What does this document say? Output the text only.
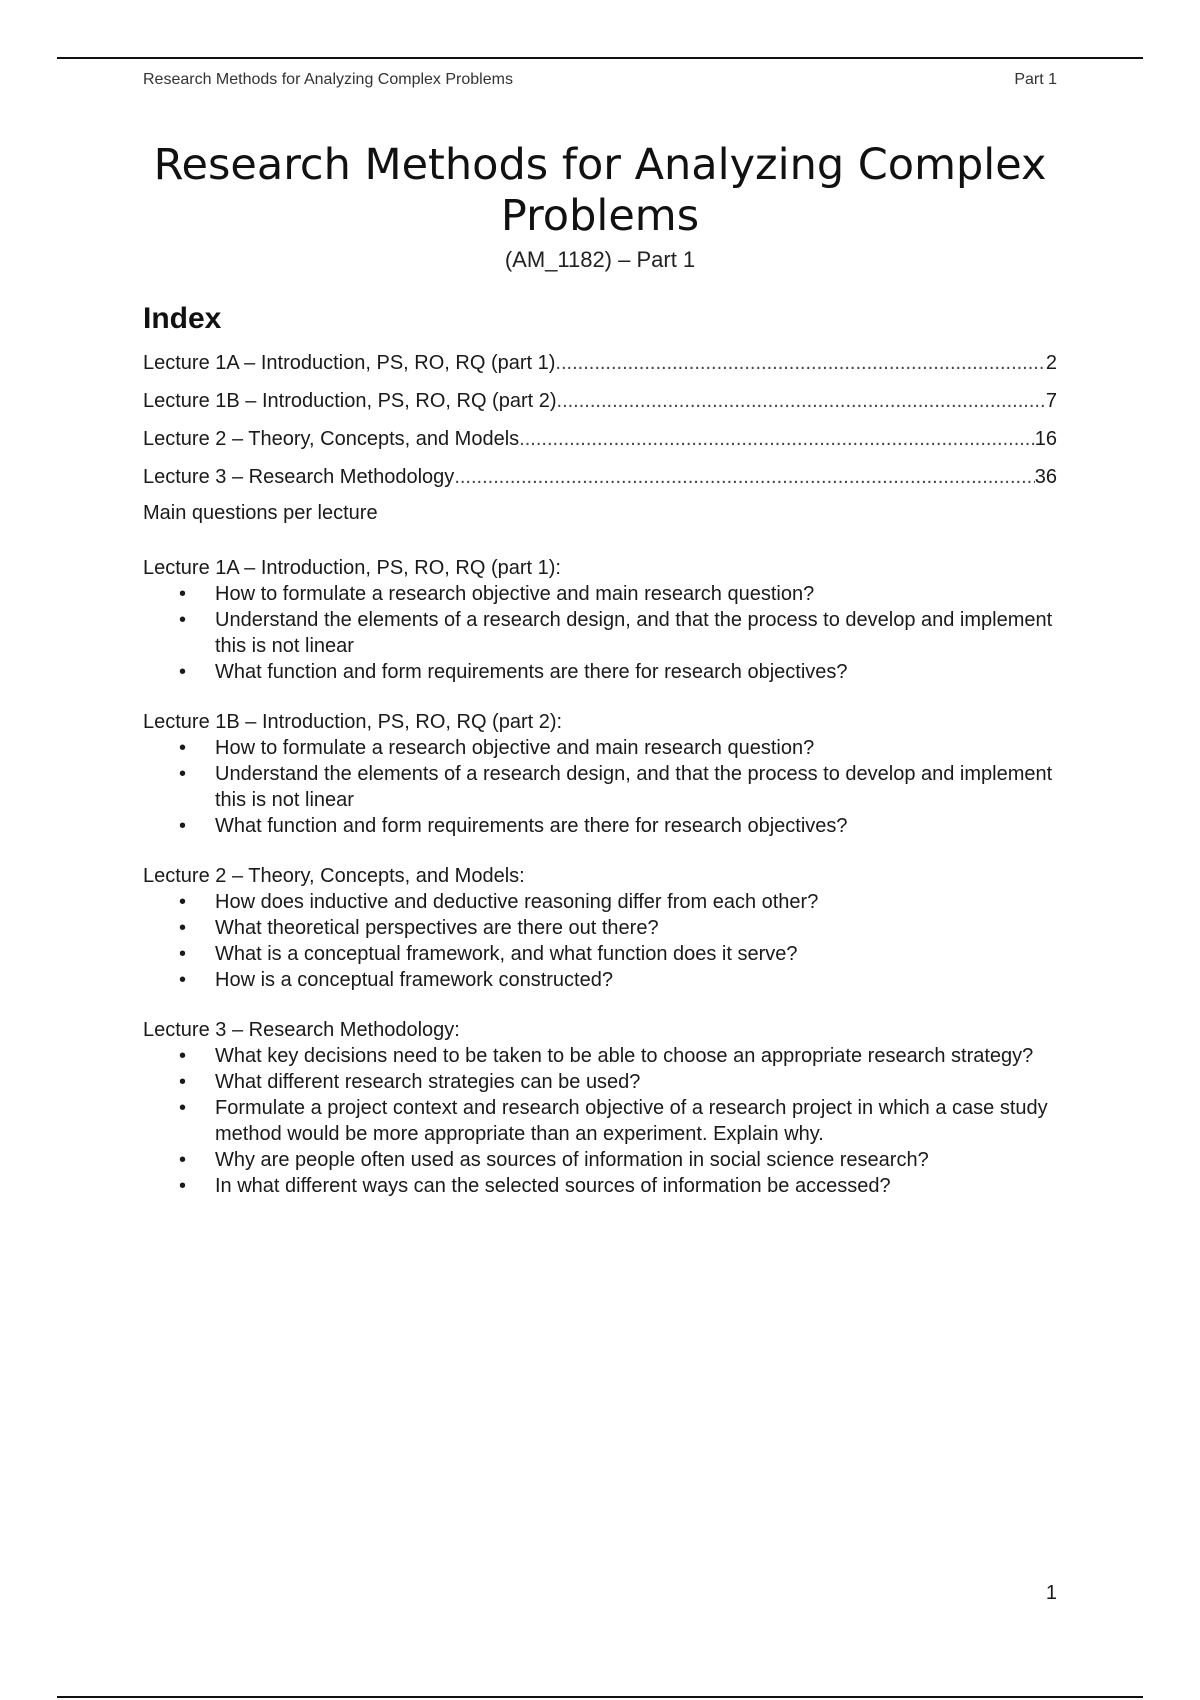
Research Methods for Analyzing Complex Problems	Part 1
Research Methods for Analyzing Complex Problems
(AM_1182) – Part 1
Index
Lecture 1A – Introduction, PS, RO, RQ (part 1) .....	2
Lecture 1B – Introduction, PS, RO, RQ (part 2) .....	7
Lecture 2 – Theory, Concepts, and Models .....	16
Lecture 3 – Research Methodology .....	36
Main questions per lecture

Lecture 1A – Introduction, PS, RO, RQ (part 1):

• How to formulate a research objective and main research question?
• Understand the elements of a research design, and that the process to develop and implement this is not linear
• What function and form requirements are there for research objectives?

Lecture 1B – Introduction, PS, RO, RQ (part 2):

• How to formulate a research objective and main research question?
• Understand the elements of a research design, and that the process to develop and implement this is not linear
• What function and form requirements are there for research objectives?

Lecture 2 – Theory, Concepts, and Models:

• How does inductive and deductive reasoning differ from each other?
• What theoretical perspectives are there out there?
• What is a conceptual framework, and what function does it serve?
• How is a conceptual framework constructed?

Lecture 3 – Research Methodology:

• What key decisions need to be taken to be able to choose an appropriate research strategy?
• What different research strategies can be used?
• Formulate a project context and research objective of a research project in which a case study method would be more appropriate than an experiment. Explain why.
• Why are people often used as sources of information in social science research?
• In what different ways can the selected sources of information be accessed?
1
